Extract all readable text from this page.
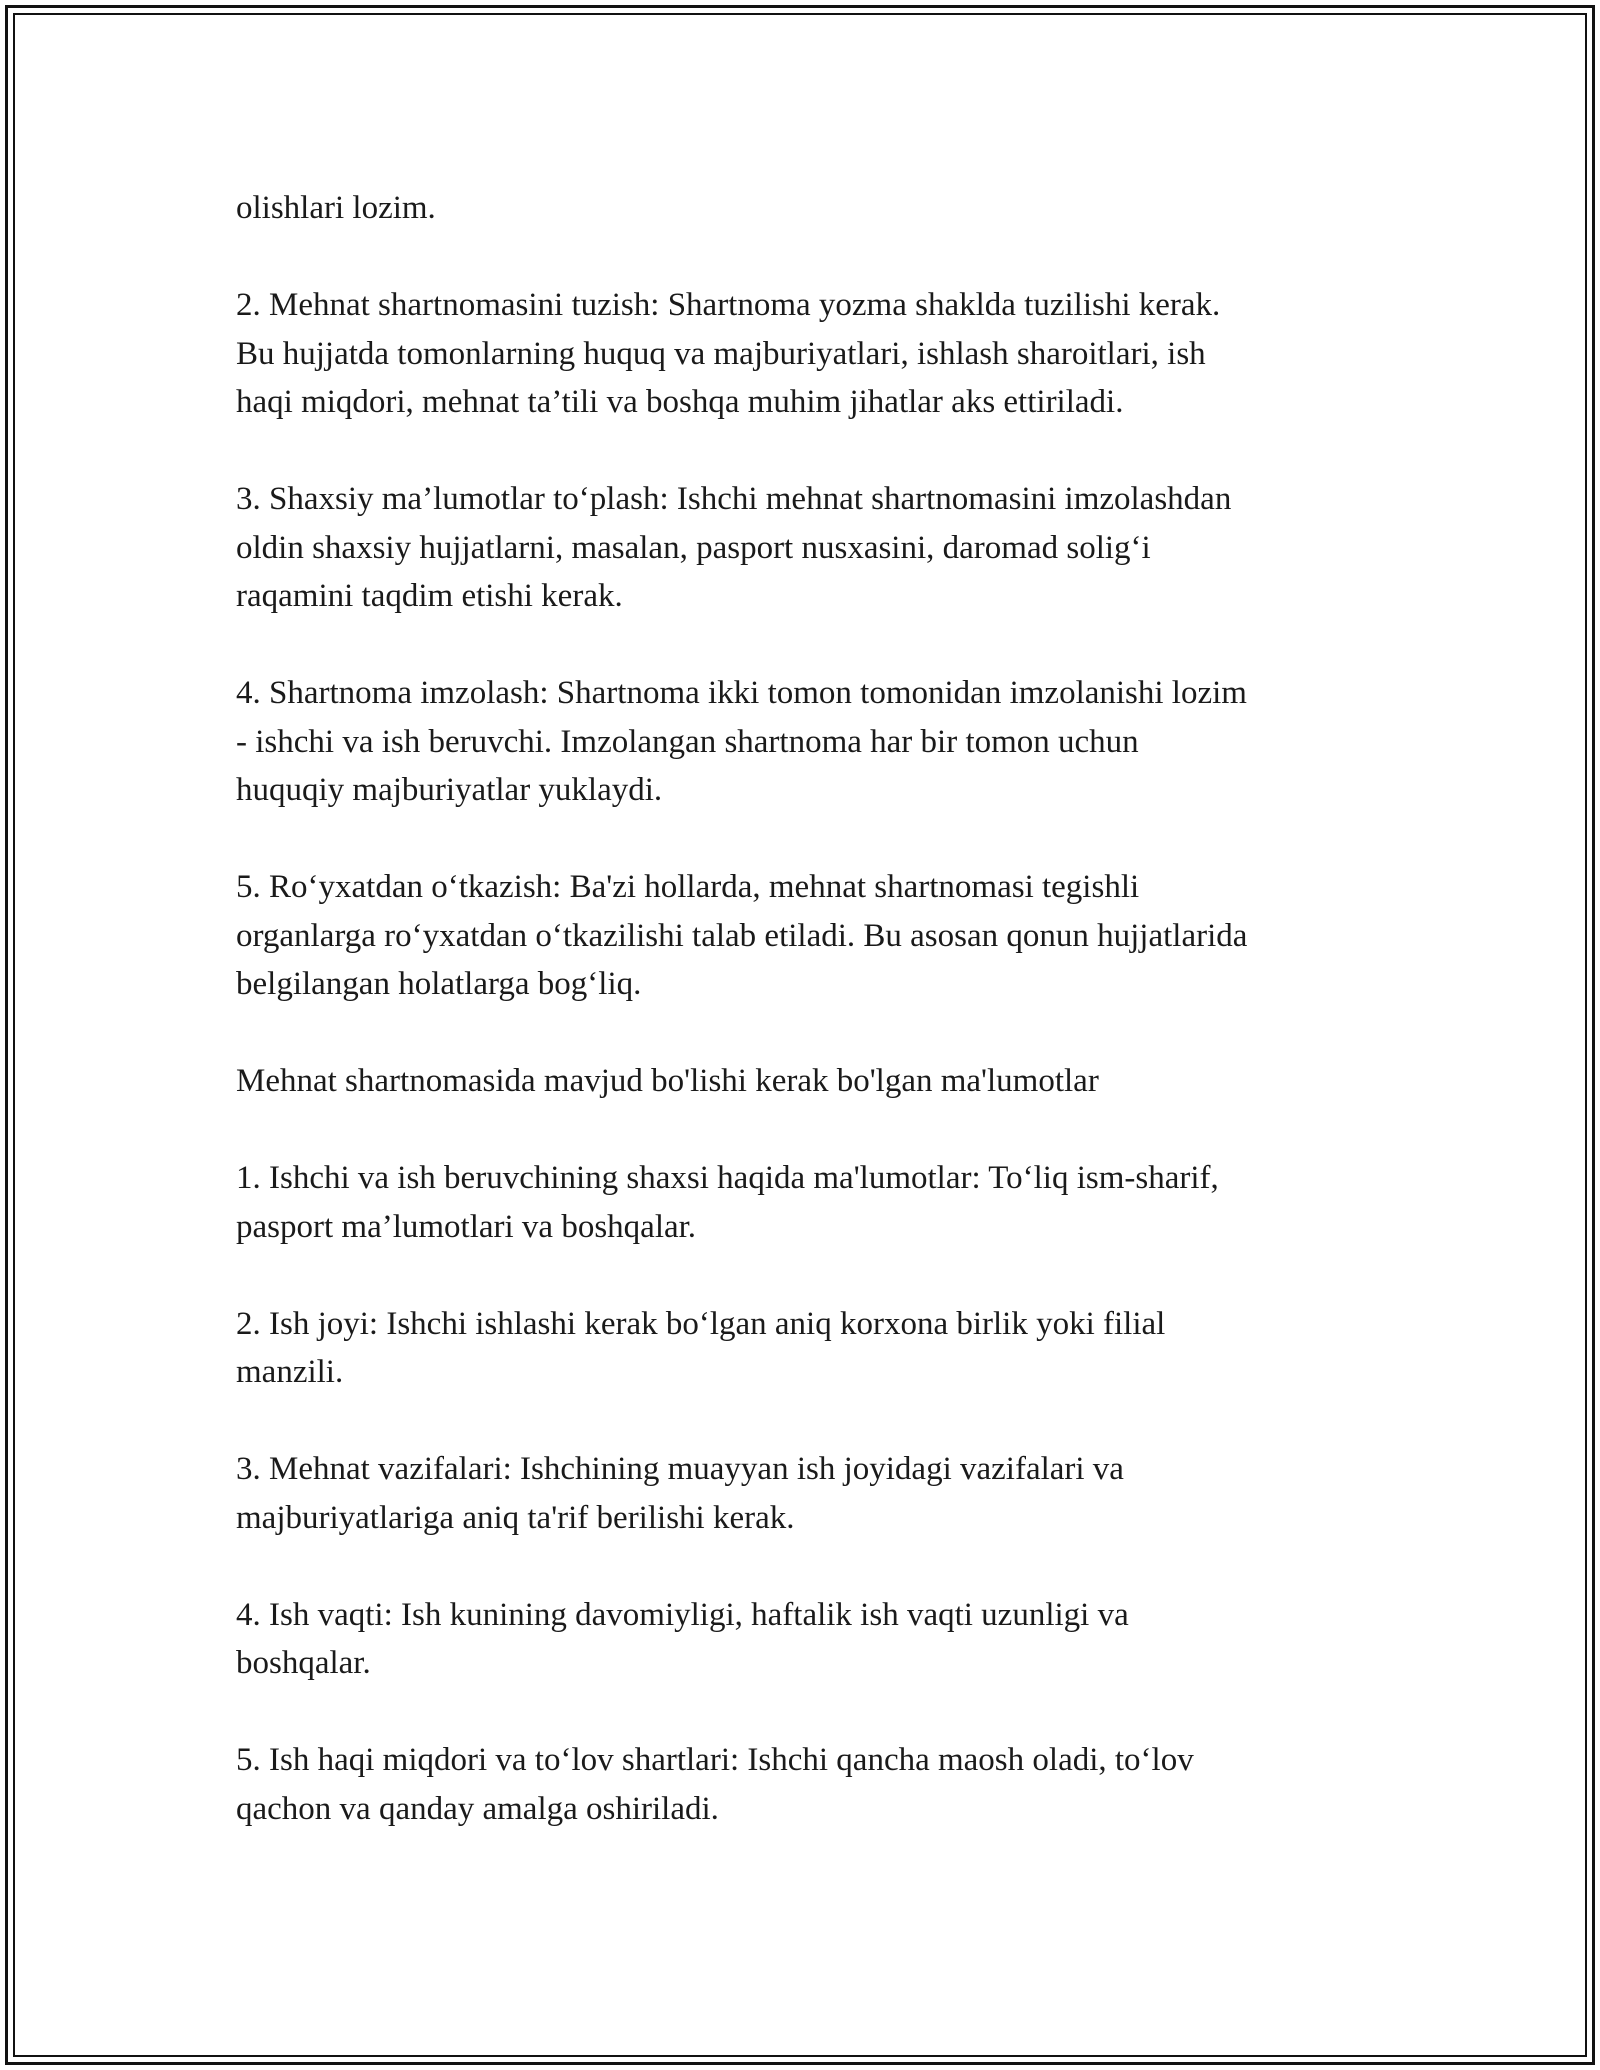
olishlari lozim.

2. Mehnat shartnomasini tuzish: Shartnoma yozma shaklda tuzilishi kerak.
Bu hujjatda tomonlarning huquq va majburiyatlari, ishlash sharoitlari, ish
haqi miqdori, mehnat ta’tili va boshqa muhim jihatlar aks ettiriladi.

3. Shaxsiy ma’lumotlar to‘plash: Ishchi mehnat shartnomasini imzolashdan
oldin shaxsiy hujjatlarni, masalan, pasport nusxasini, daromad solig‘i
raqamini taqdim etishi kerak.

4. Shartnoma imzolash: Shartnoma ikki tomon tomonidan imzolanishi lozim
- ishchi va ish beruvchi. Imzolangan shartnoma har bir tomon uchun
huquqiy majburiyatlar yuklaydi.

5. Ro‘yxatdan o‘tkazish: Ba'zi hollarda, mehnat shartnomasi tegishli
organlarga ro‘yxatdan o‘tkazilishi talab etiladi. Bu asosan qonun hujjatlarida
belgilangan holatlarga bog‘liq.

Mehnat shartnomasida mavjud bo'lishi kerak bo'lgan ma'lumotlar

1. Ishchi va ish beruvchining shaxsi haqida ma'lumotlar: To‘liq ism-sharif,
pasport ma’lumotlari va boshqalar.

2. Ish joyi: Ishchi ishlashi kerak bo‘lgan aniq korxona birlik yoki filial
manzili.

3. Mehnat vazifalari: Ishchining muayyan ish joyidagi vazifalari va
majburiyatlariga aniq ta'rif berilishi kerak.

4. Ish vaqti: Ish kunining davomiyligi, haftalik ish vaqti uzunligi va
boshqalar.

5. Ish haqi miqdori va to‘lov shartlari: Ishchi qancha maosh oladi, to‘lov
qachon va qanday amalga oshiriladi.
